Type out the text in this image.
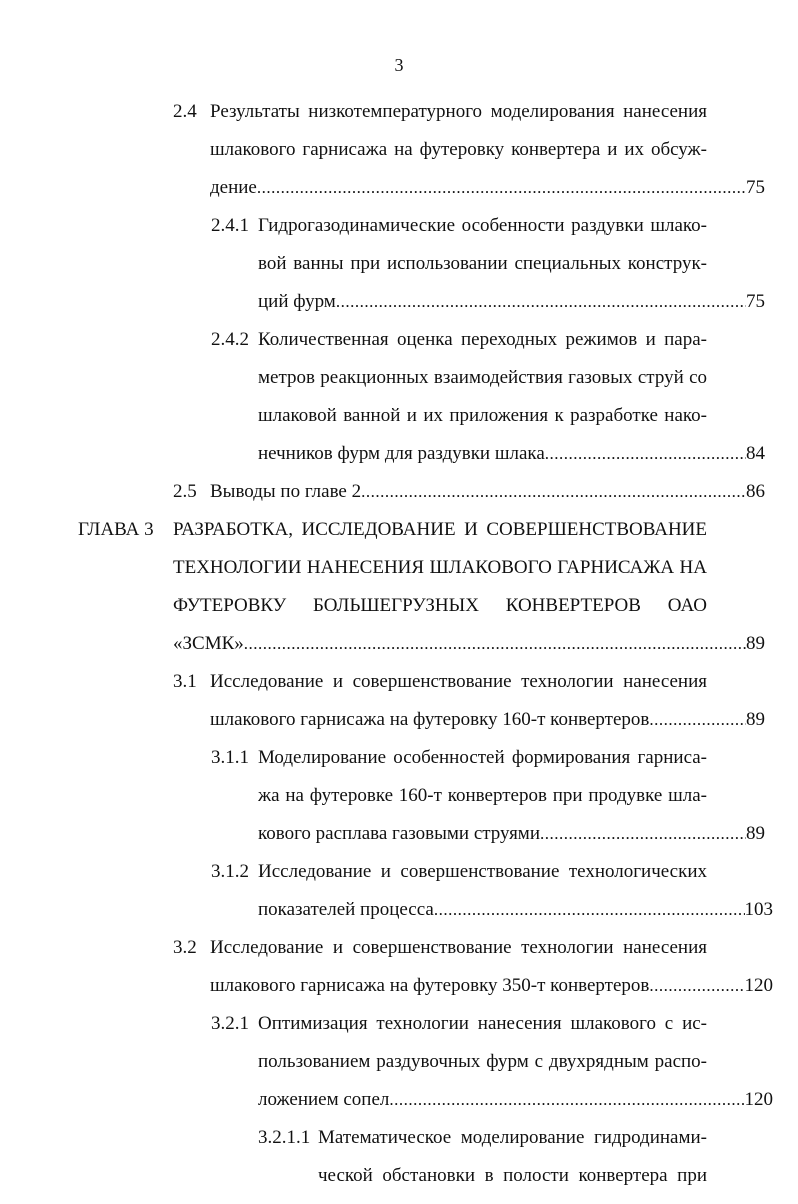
3
2.4 Результаты низкотемпературного моделирования нанесения
шлакового гарнисажа на футеровку конвертера и их обсуж-
дение .....	75
2.4.1 Гидрогазодинамические особенности раздувки шлако-
вой ванны при использовании специальных конструк-
ций фурм .....	75
2.4.2 Количественная оценка переходных режимов и пара-
метров реакционных взаимодействия газовых струй со
шлаковой ванной и их приложения к разработке нако-
нечников фурм для раздувки шлака .....	84
2.5 Выводы по главе 2 .....	86
ГЛАВА 3 РАЗРАБОТКА, ИССЛЕДОВАНИЕ И СОВЕРШЕНСТВОВАНИЕ
ТЕХНОЛОГИИ НАНЕСЕНИЯ ШЛАКОВОГО ГАРНИСАЖА НА
ФУТЕРОВКУ БОЛЬШЕГРУЗНЫХ КОНВЕРТЕРОВ ОАО
«ЗСМК» .....	89
3.1 Исследование и совершенствование технологии нанесения
шлакового гарнисажа на футеровку 160-т конвертеров .....	89
3.1.1 Моделирование особенностей формирования гарниса-
жа на футеровке 160-т конвертеров при продувке шла-
кового расплава газовыми струями .....	89
3.1.2 Исследование и совершенствование технологических
показателей процесса .....	103
3.2 Исследование и совершенствование технологии нанесения
шлакового гарнисажа на футеровку 350-т конвертеров .....	120
3.2.1 Оптимизация технологии нанесения шлакового с ис-
пользованием раздувочных фурм с двухрядным распо-
ложением сопел .....	120
3.2.1.1 Математическое моделирование гидродинами-
ческой обстановки в полости конвертера при
